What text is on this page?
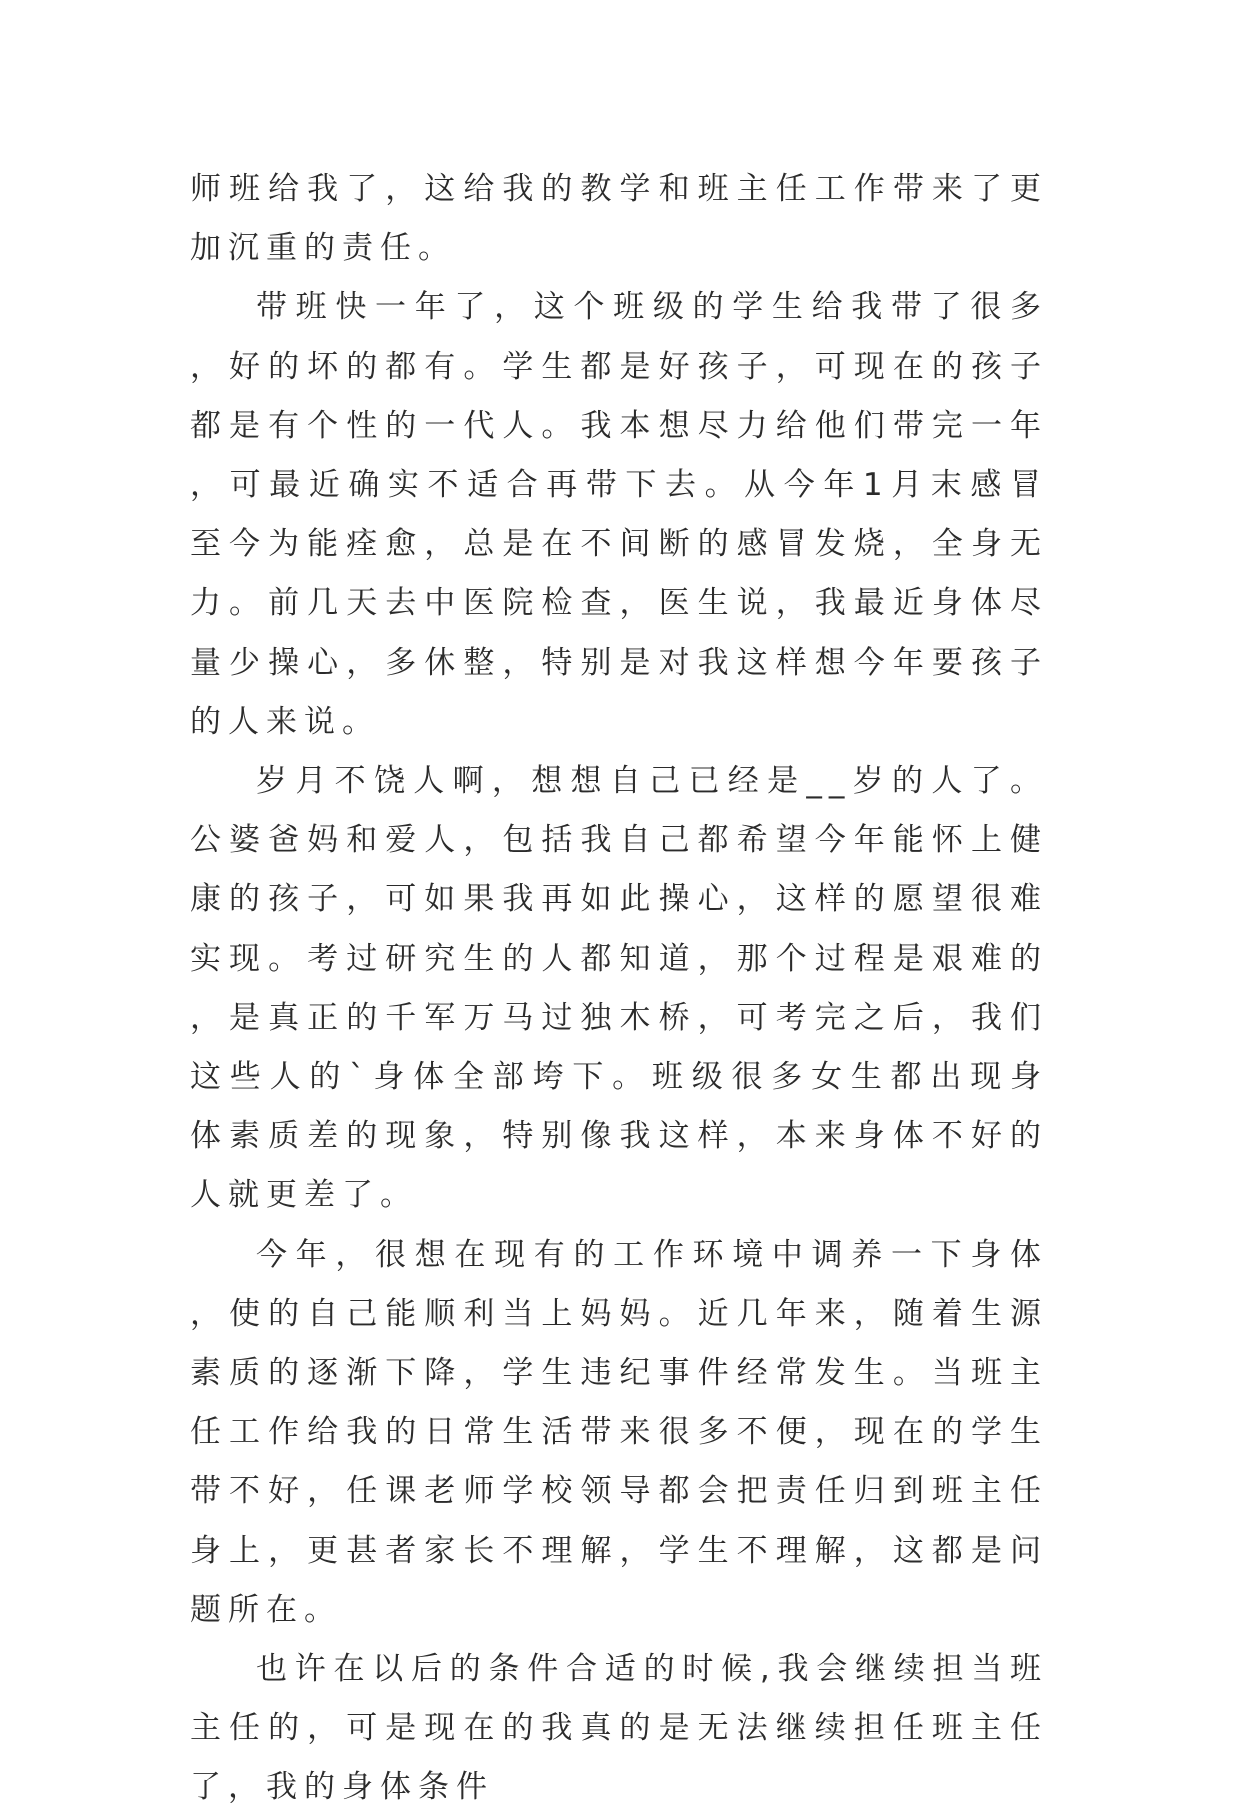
师班给我了，这给我的教学和班主任工作带来了更加沉重的责任。

带班快一年了，这个班级的学生给我带了很多，好的坏的都有。学生都是好孩子，可现在的孩子都是有个性的一代人。我本想尽力给他们带完一年，可最近确实不适合再带下去。从今年1月末感冒至今为能痊愈，总是在不间断的感冒发烧，全身无力。前几天去中医院检查，医生说，我最近身体尽量少操心，多休整，特别是对我这样想今年要孩子的人来说。

岁月不饶人啊，想想自己已经是__岁的人了。公婆爸妈和爱人，包括我自己都希望今年能怀上健康的孩子，可如果我再如此操心，这样的愿望很难实现。考过研究生的人都知道，那个过程是艰难的，是真正的千军万马过独木桥，可考完之后，我们这些人的`身体全部垮下。班级很多女生都出现身体素质差的现象，特别像我这样，本来身体不好的人就更差了。

今年，很想在现有的工作环境中调养一下身体，使的自己能顺利当上妈妈。近几年来，随着生源素质的逐渐下降，学生违纪事件经常发生。当班主任工作给我的日常生活带来很多不便，现在的学生带不好，任课老师学校领导都会把责任归到班主任身上，更甚者家长不理解，学生不理解，这都是问题所在。

也许在以后的条件合适的时候,我会继续担当班主任的，可是现在的我真的是无法继续担任班主任了，我的身体条件
